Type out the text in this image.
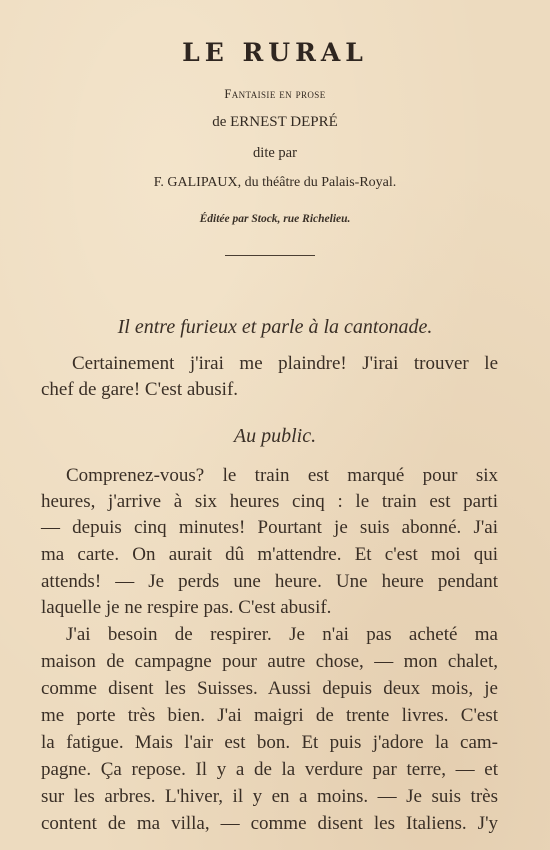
LE RURAL
Fantaisie en prose
de ERNEST DEPRÉ
dite par
F. GALIPAUX, du théâtre du Palais-Royal.
Éditée par Stock, rue Richelieu.
Il entre furieux et parle à la cantonade.
Certainement j'irai me plaindre! J'irai trouver le
chef de gare! C'est abusif.
Au public.
Comprenez-vous? le train est marqué pour six
heures, j'arrive à six heures cinq : le train est parti
— depuis cinq minutes! Pourtant je suis abonné. J'ai
ma carte. On aurait dû m'attendre. Et c'est moi qui
attends! — Je perds une heure. Une heure pendant
laquelle je ne respire pas. C'est abusif.
J'ai besoin de respirer. Je n'ai pas acheté ma
maison de campagne pour autre chose, — mon chalet,
comme disent les Suisses. Aussi depuis deux mois, je
me porte très bien. J'ai maigri de trente livres. C'est
la fatigue. Mais l'air est bon. Et puis j'adore la cam-
pagne. Ça repose. Il y a de la verdure par terre, — et
sur les arbres. L'hiver, il y en a moins. — Je suis très
content de ma villa, — comme disent les Italiens. J'y
